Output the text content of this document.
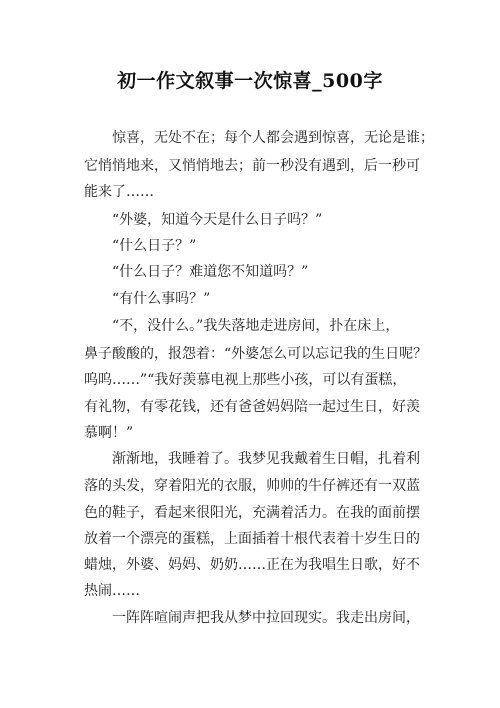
初一作文叙事一次惊喜_500字

惊喜，无处不在；每个人都会遇到惊喜，无论是谁；

它悄悄地来，又悄悄地去；前一秒没有遇到，后一秒可

能来了……

“外婆，知道今天是什么日子吗？”

“什么日子？”

“什么日子？难道您不知道吗？”

“有什么事吗？”

“不，没什么。”我失落地走进房间，扑在床上，

鼻子酸酸的，报怨着：“外婆怎么可以忘记我的生日呢？

呜呜……”“我好羡慕电视上那些小孩，可以有蛋糕，

有礼物，有零花钱，还有爸爸妈妈陪一起过生日，好羡

慕啊！”

渐渐地，我睡着了。我梦见我戴着生日帽，扎着利

落的头发，穿着阳光的衣服，帅帅的牛仔裤还有一双蓝

色的鞋子，看起来很阳光，充满着活力。在我的面前摆

放着一个漂亮的蛋糕，上面插着十根代表着十岁生日的

蜡烛，外婆、妈妈、奶奶……正在为我唱生日歌，好不

热闹……

一阵阵喧闹声把我从梦中拉回现实。我走出房间，
